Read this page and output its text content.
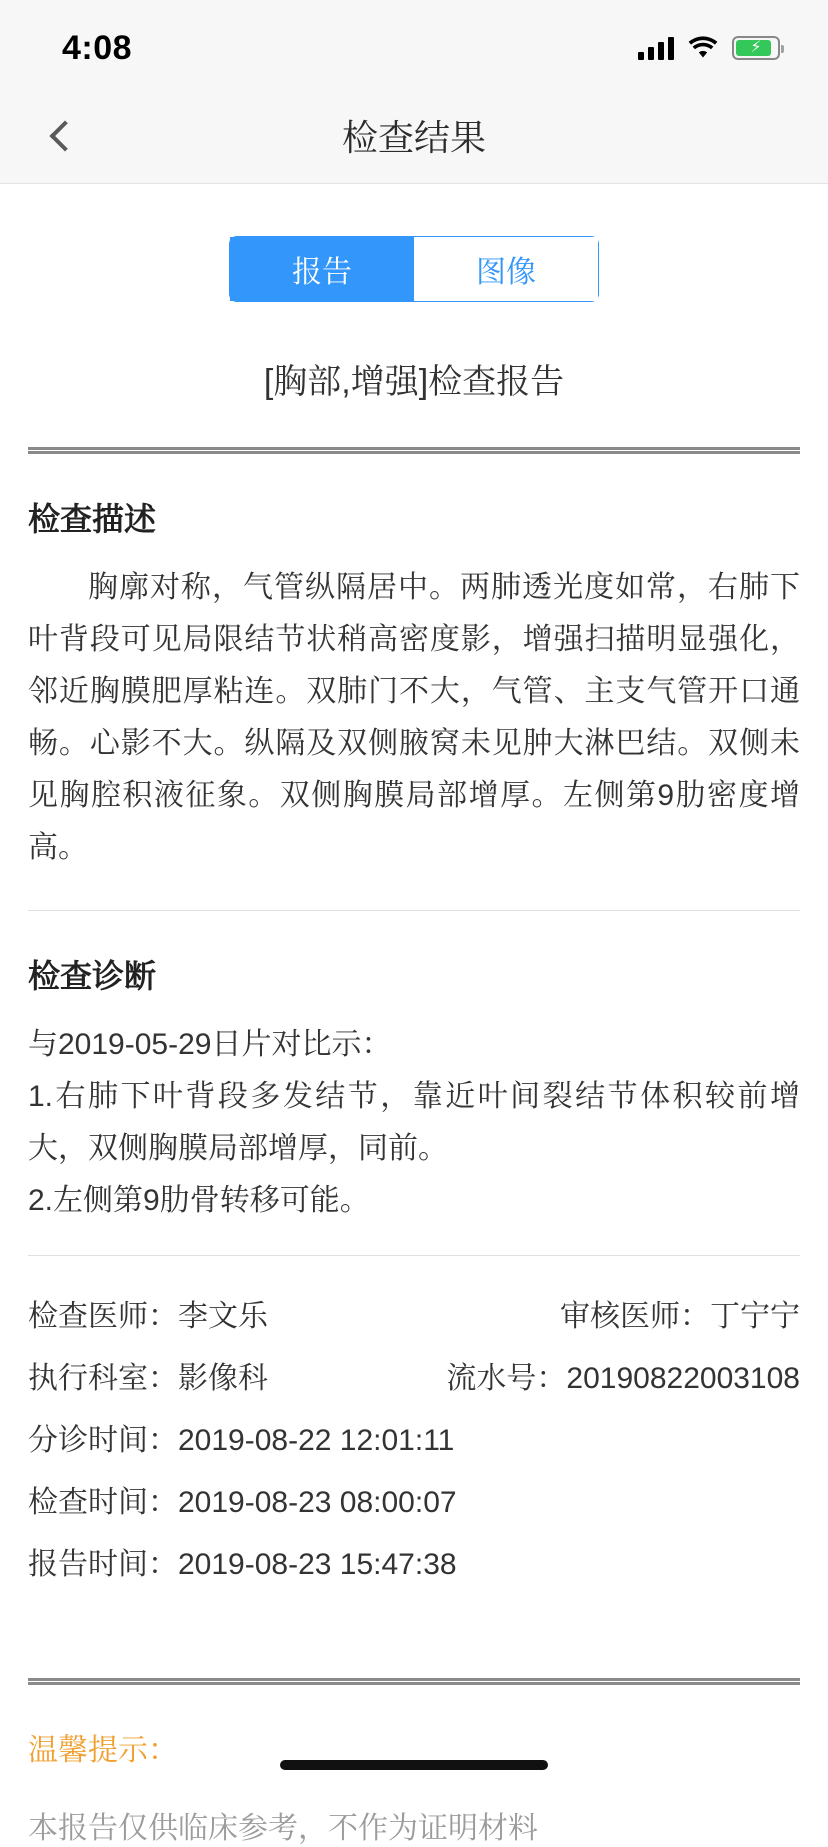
4:08	⚡
检查结果
报告	图像
[胸部,增强]检查报告
检查描述
胸廓对称，气管纵隔居中。两肺透光度如常，右肺下叶背段可见局限结节状稍高密度影，增强扫描明显强化，邻近胸膜肥厚粘连。双肺门不大，气管、主支气管开口通畅。心影不大。纵隔及双侧腋窝未见肿大淋巴结。双侧未见胸腔积液征象。双侧胸膜局部增厚。左侧第9肋密度增高。
检查诊断
与2019-05-29日片对比示：
1.右肺下叶背段多发结节，靠近叶间裂结节体积较前增大，双侧胸膜局部增厚，同前。
2.左侧第9肋骨转移可能。
检查医师：李文乐	审核医师：丁宁宁
执行科室：影像科	流水号：20190822003108
分诊时间：2019-08-22 12:01:11
检查时间：2019-08-23 08:00:07
报告时间：2019-08-23 15:47:38
温馨提示：
本报告仅供临床参考，不作为证明材料
